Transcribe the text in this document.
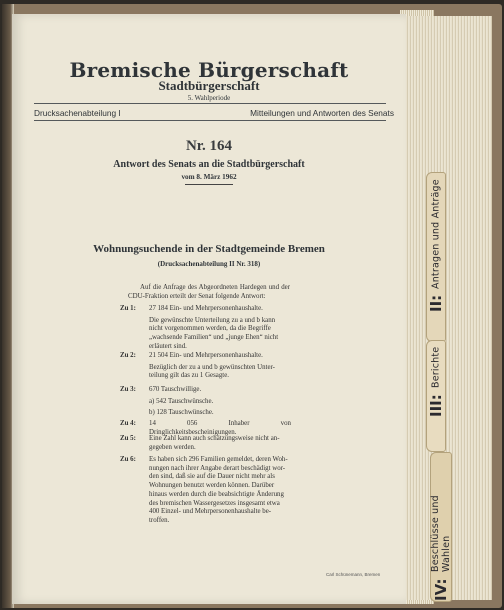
II:
Antragen und Anträge
III:
Berichte
IV:
Beschlüsse und Wahlen
Bremische Bürgerschaft
Stadtbürgerschaft
5. Wahlperiode
Drucksachenabteilung I	Mitteilungen und Antworten des Senats
Nr. 164
Antwort des Senats an die Stadtbürgerschaft
vom 8. März 1962
Wohnungsuchende in der Stadtgemeinde Bremen
(Drucksachenabteilung II Nr. 318)
Auf die Anfrage des Abgeordneten Hardegen und der CDU-Fraktion erteilt der Senat folgende Antwort:
Zu 1:	27 184 Ein- und Mehrpersonenhaushalte.
Die gewünschte Unterteilung zu a und b kann
nicht vorgenommen werden, da die Begriffe
„wachsende Familien“ und „junge Ehen“ nicht
erläutert sind.
Zu 2:	21 504 Ein- und Mehrpersonenhaushalte.
Bezüglich der zu a und b gewünschten Unter-
teilung gilt das zu 1 Gesagte.
Zu 3:	670 Tauschwillige.
a) 542 Tauschwünsche.
b) 128 Tauschwünsche.
Zu 4:	14 056 Inhaber von Dringlichkeitsbescheinigungen.
Zu 5:	Eine Zahl kann auch schätzungsweise nicht an-
gegeben werden.
Zu 6:	Es haben sich 296 Familien gemeldet, deren Woh-
nungen nach ihrer Angabe derart beschädigt wor-
den sind, daß sie auf die Dauer nicht mehr als
Wohnungen benutzt werden können. Darüber
hinaus werden durch die beabsichtigte Änderung
des bremischen Wassergesetzes insgesamt etwa
400 Einzel- und Mehrpersonenhaushalte be-
troffen.
Carl Schünemann, Bremen
